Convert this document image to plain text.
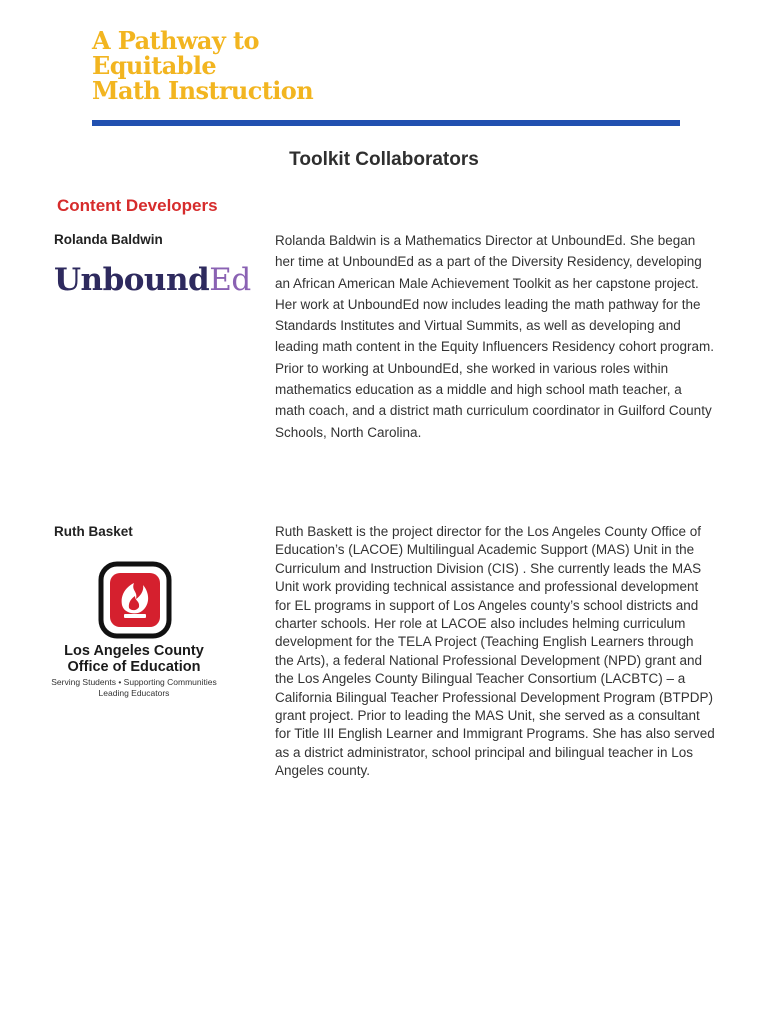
A Pathway to
Equitable
Math Instruction
Toolkit Collaborators
Content Developers
Rolanda Baldwin
UnboundEd
Rolanda Baldwin is a Mathematics Director at UnboundEd. She began her time at UnboundEd as a part of the Diversity Residency, developing an African American Male Achievement Toolkit as her capstone project. Her work at UnboundEd now includes leading the math pathway for the Standards Institutes and Virtual Summits, as well as developing and leading math content in the Equity Influencers Residency cohort program. Prior to working at UnboundEd, she worked in various roles within mathematics education as a middle and high school math teacher, a math coach, and a district math curriculum coordinator in Guilford County Schools, North Carolina.
Ruth Basket
Los Angeles County
Office of Education
Serving Students • Supporting Communities
Leading Educators
Ruth Baskett is the project director for the Los Angeles County Office of Education’s (LACOE) Multilingual Academic Support (MAS) Unit in the Curriculum and Instruction Division (CIS) . She currently leads the MAS Unit work providing technical assistance and professional development for EL programs in support of Los Angeles county’s school districts and charter schools. Her role at LACOE also includes helming curriculum development for the TELA Project (Teaching English Learners through the Arts), a federal National Professional Development (NPD) grant and the Los Angeles County Bilingual Teacher Consortium (LACBTC) – a California Bilingual Teacher Professional Development Program (BTPDP) grant project. Prior to leading the MAS Unit, she served as a consultant for Title III English Learner and Immigrant Programs. She has also served as a district administrator, school principal and bilingual teacher in Los Angeles county.
